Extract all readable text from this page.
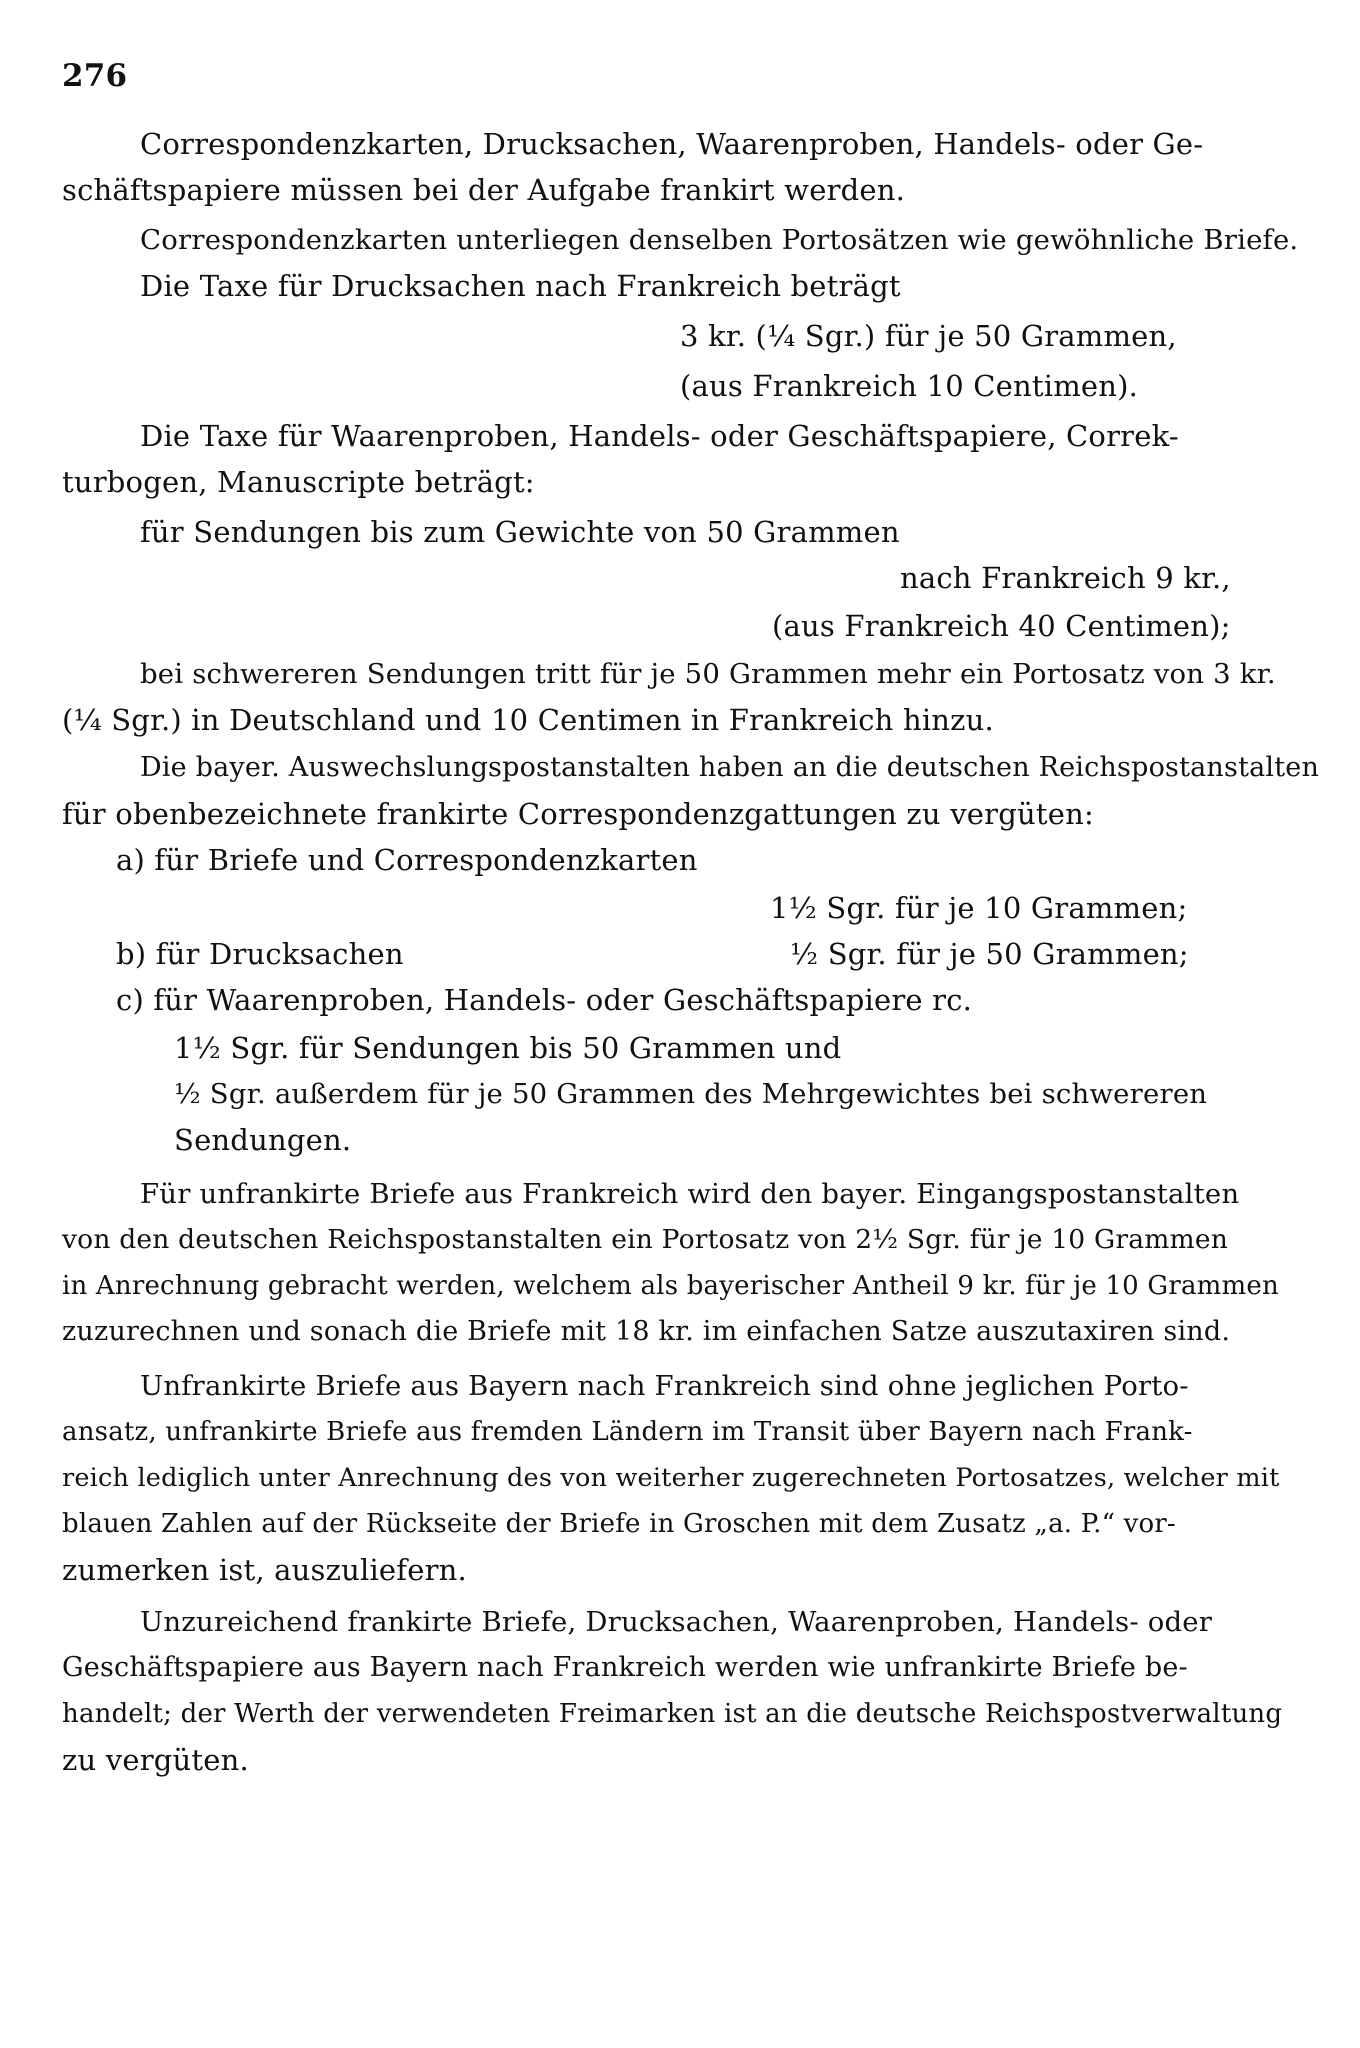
276
Correspondenzkarten, Drucksachen, Waarenproben, Handels- oder Ge-
schäftspapiere müssen bei der Aufgabe frankirt werden.
Correspondenzkarten unterliegen denselben Portosätzen wie gewöhnliche Briefe.
Die Taxe für Drucksachen nach Frankreich beträgt
3 kr. (¼ Sgr.) für je 50 Grammen,
(aus Frankreich 10 Centimen).
Die Taxe für Waarenproben, Handels- oder Geschäftspapiere, Correk-
turbogen, Manuscripte beträgt:
für Sendungen bis zum Gewichte von 50 Grammen
nach Frankreich 9 kr.,
(aus Frankreich 40 Centimen);
bei schwereren Sendungen tritt für je 50 Grammen mehr ein Portosatz von 3 kr.
(¼ Sgr.) in Deutschland und 10 Centimen in Frankreich hinzu.
Die bayer. Auswechslungspostanstalten haben an die deutschen Reichspostanstalten
für obenbezeichnete frankirte Correspondenzgattungen zu vergüten:
a) für Briefe und Correspondenzkarten
1½ Sgr. für je 10 Grammen;
b) für Drucksachen	½ Sgr. für je 50 Grammen;
c) für Waarenproben, Handels- oder Geschäftspapiere rc.
1½ Sgr. für Sendungen bis 50 Grammen und
½ Sgr. außerdem für je 50 Grammen des Mehrgewichtes bei schwereren
Sendungen.
Für unfrankirte Briefe aus Frankreich wird den bayer. Eingangspostanstalten
von den deutschen Reichspostanstalten ein Portosatz von 2½ Sgr. für je 10 Grammen
in Anrechnung gebracht werden, welchem als bayerischer Antheil 9 kr. für je 10 Grammen
zuzurechnen und sonach die Briefe mit 18 kr. im einfachen Satze auszutaxiren sind.
Unfrankirte Briefe aus Bayern nach Frankreich sind ohne jeglichen Porto-
ansatz, unfrankirte Briefe aus fremden Ländern im Transit über Bayern nach Frank-
reich lediglich unter Anrechnung des von weiterher zugerechneten Portosatzes, welcher mit
blauen Zahlen auf der Rückseite der Briefe in Groschen mit dem Zusatz „a. P.“ vor-
zumerken ist, auszuliefern.
Unzureichend frankirte Briefe, Drucksachen, Waarenproben, Handels- oder
Geschäftspapiere aus Bayern nach Frankreich werden wie unfrankirte Briefe be-
handelt; der Werth der verwendeten Freimarken ist an die deutsche Reichspostverwaltung
zu vergüten.
